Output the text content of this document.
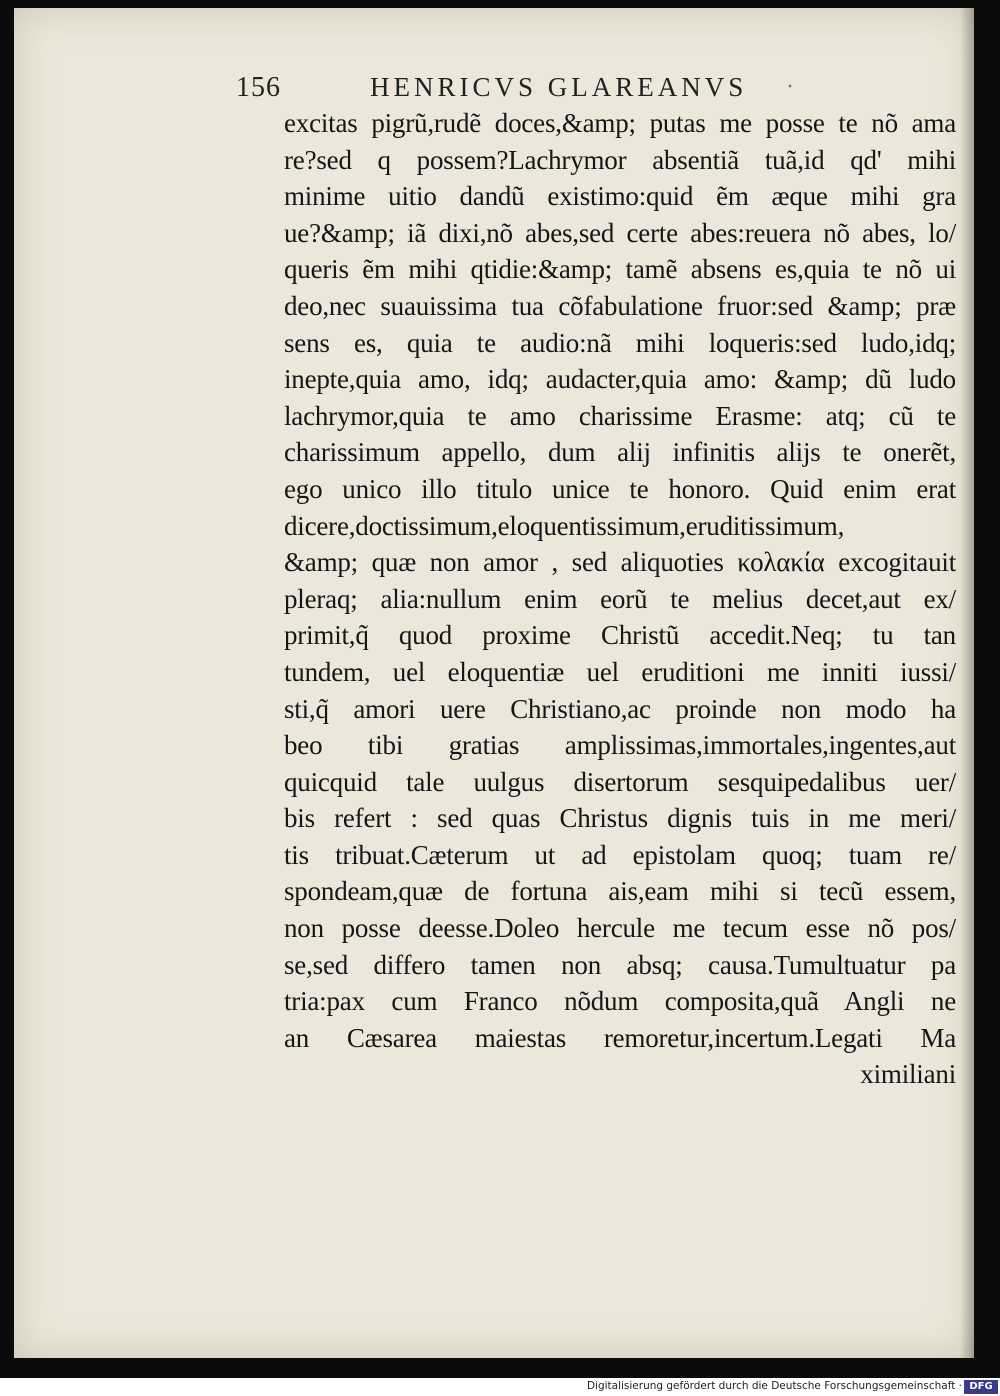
156	HENRICVS GLAREANVS ·
excitas pigrũ,rudẽ doces,&amp; putas me posse te nõ ama
re?sed q possem?Lachrymor absentiã tuã,id qd' mihi
minime uitio dandũ existimo:quid ẽm æque mihi gra
ue?&amp; iã dixi,nõ abes,sed certe abes:reuera nõ abes, lo/
queris ẽm mihi qtidie:&amp; tamẽ absens es,quia te nõ ui
deo,nec suauissima tua cõfabulatione fruor:sed &amp; præ
sens es, quia te audio:nã mihi loqueris:sed ludo,idq;
inepte,quia amo, idq; audacter,quia amo: &amp; dũ ludo
lachrymor,quia te amo charissime Erasme: atq; cũ te
charissimum appello, dum alij infinitis alijs te onerẽt,
ego unico illo titulo unice te honoro. Quid enim erat
dicere,doctissimum,eloquentissimum,eruditissimum,
&amp; quæ non amor , sed aliquoties κολακία excogitauit
pleraq; alia:nullum enim eorũ te melius decet,aut ex/
primit,q̃ quod proxime Christũ accedit.Neq; tu tan
tundem, uel eloquentiæ uel eruditioni me inniti iussi/
sti,q̃ amori uere Christiano,ac proinde non modo ha
beo tibi gratias amplissimas,immortales,ingentes,aut
quicquid tale uulgus disertorum sesquipedalibus uer/
bis refert : sed quas Christus dignis tuis in me meri/
tis tribuat.Cæterum ut ad epistolam quoq; tuam re/
spondeam,quæ de fortuna ais,eam mihi si tecũ essem,
non posse deesse.Doleo hercule me tecum esse nõ pos/
se,sed differo tamen non absq; causa.Tumultuatur pa
tria:pax cum Franco nõdum composita,quã Angli ne
an Cæsarea maiestas remoretur,incertum.Legati Ma
ximiliani
Digitalisierung gefördert durch die Deutsche Forschungsgemeinschaft · DFG
